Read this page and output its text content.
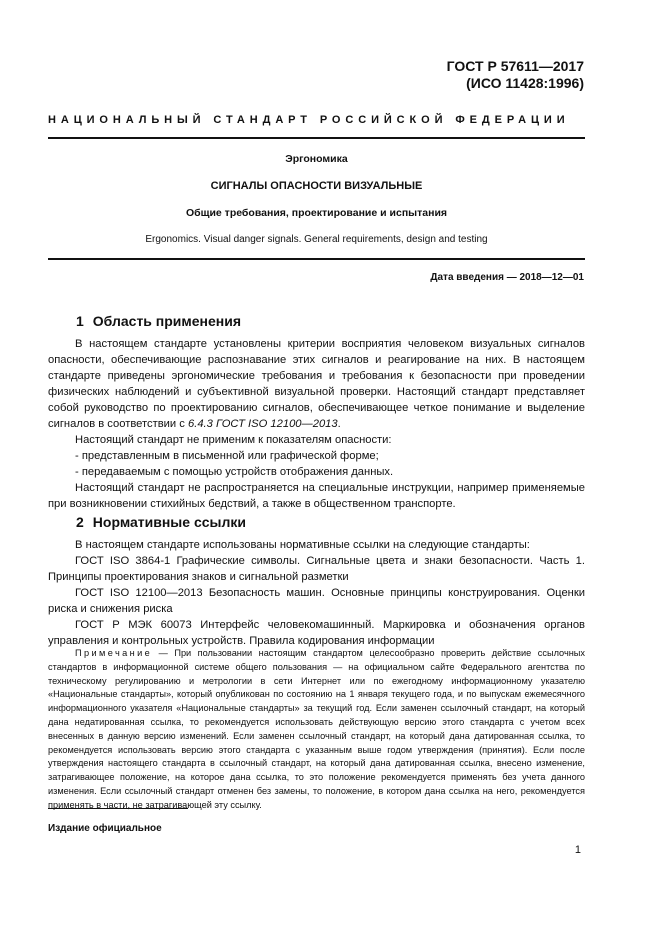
ГОСТ Р 57611—2017
(ИСО 11428:1996)
НАЦИОНАЛЬНЫЙ СТАНДАРТ РОССИЙСКОЙ ФЕДЕРАЦИИ
Эргономика
СИГНАЛЫ ОПАСНОСТИ ВИЗУАЛЬНЫЕ
Общие требования, проектирование и испытания
Ergonomics. Visual danger signals. General requirements, design and testing
Дата введения — 2018—12—01
1 Область применения

В настоящем стандарте установлены критерии восприятия человеком визуальных сигналов опасности, обеспечивающие распознавание этих сигналов и реагирование на них. В настоящем стандарте приведены эргономические требования и требования к безопасности при проведении физических наблюдений и субъективной визуальной проверки. Настоящий стандарт представляет собой руководство по проектированию сигналов, обеспечивающее четкое понимание и выделение сигналов в соответствии с 6.4.3 ГОСТ ISO 12100—2013.

Настоящий стандарт не применим к показателям опасности:

- представленным в письменной или графической форме;

- передаваемым с помощью устройств отображения данных.

Настоящий стандарт не распространяется на специальные инструкции, например применяемые при возникновении стихийных бедствий, а также в общественном транспорте.

2 Нормативные ссылки

В настоящем стандарте использованы нормативные ссылки на следующие стандарты:

ГОСТ ISO 3864-1 Графические символы. Сигнальные цвета и знаки безопасности. Часть 1. Принципы проектирования знаков и сигнальной разметки

ГОСТ ISO 12100—2013 Безопасность машин. Основные принципы конструирования. Оценки риска и снижения риска

ГОСТ Р МЭК 60073 Интерфейс человекомашинный. Маркировка и обозначения органов управления и контрольных устройств. Правила кодирования информации

Примечание — При пользовании настоящим стандартом целесообразно проверить действие ссылочных стандартов в информационной системе общего пользования — на официальном сайте Федерального агентства по техническому регулированию и метрологии в сети Интернет или по ежегодному информационному указателю «Национальные стандарты», который опубликован по состоянию на 1 января текущего года, и по выпускам ежемесячного информационного указателя «Национальные стандарты» за текущий год. Если заменен ссылочный стандарт, на который дана недатированная ссылка, то рекомендуется использовать действующую версию этого стандарта с учетом всех внесенных в данную версию изменений. Если заменен ссылочный стандарт, на который дана датированная ссылка, то рекомендуется использовать версию этого стандарта с указанным выше годом утверждения (принятия). Если после утверждения настоящего стандарта в ссылочный стандарт, на который дана датированная ссылка, внесено изменение, затрагивающее положение, на которое дана ссылка, то это положение рекомендуется применять без учета данного изменения. Если ссылочный стандарт отменен без замены, то положение, в котором дана ссылка на него, рекомендуется применять в части, не затрагивающей эту ссылку.

Издание официальное
1
